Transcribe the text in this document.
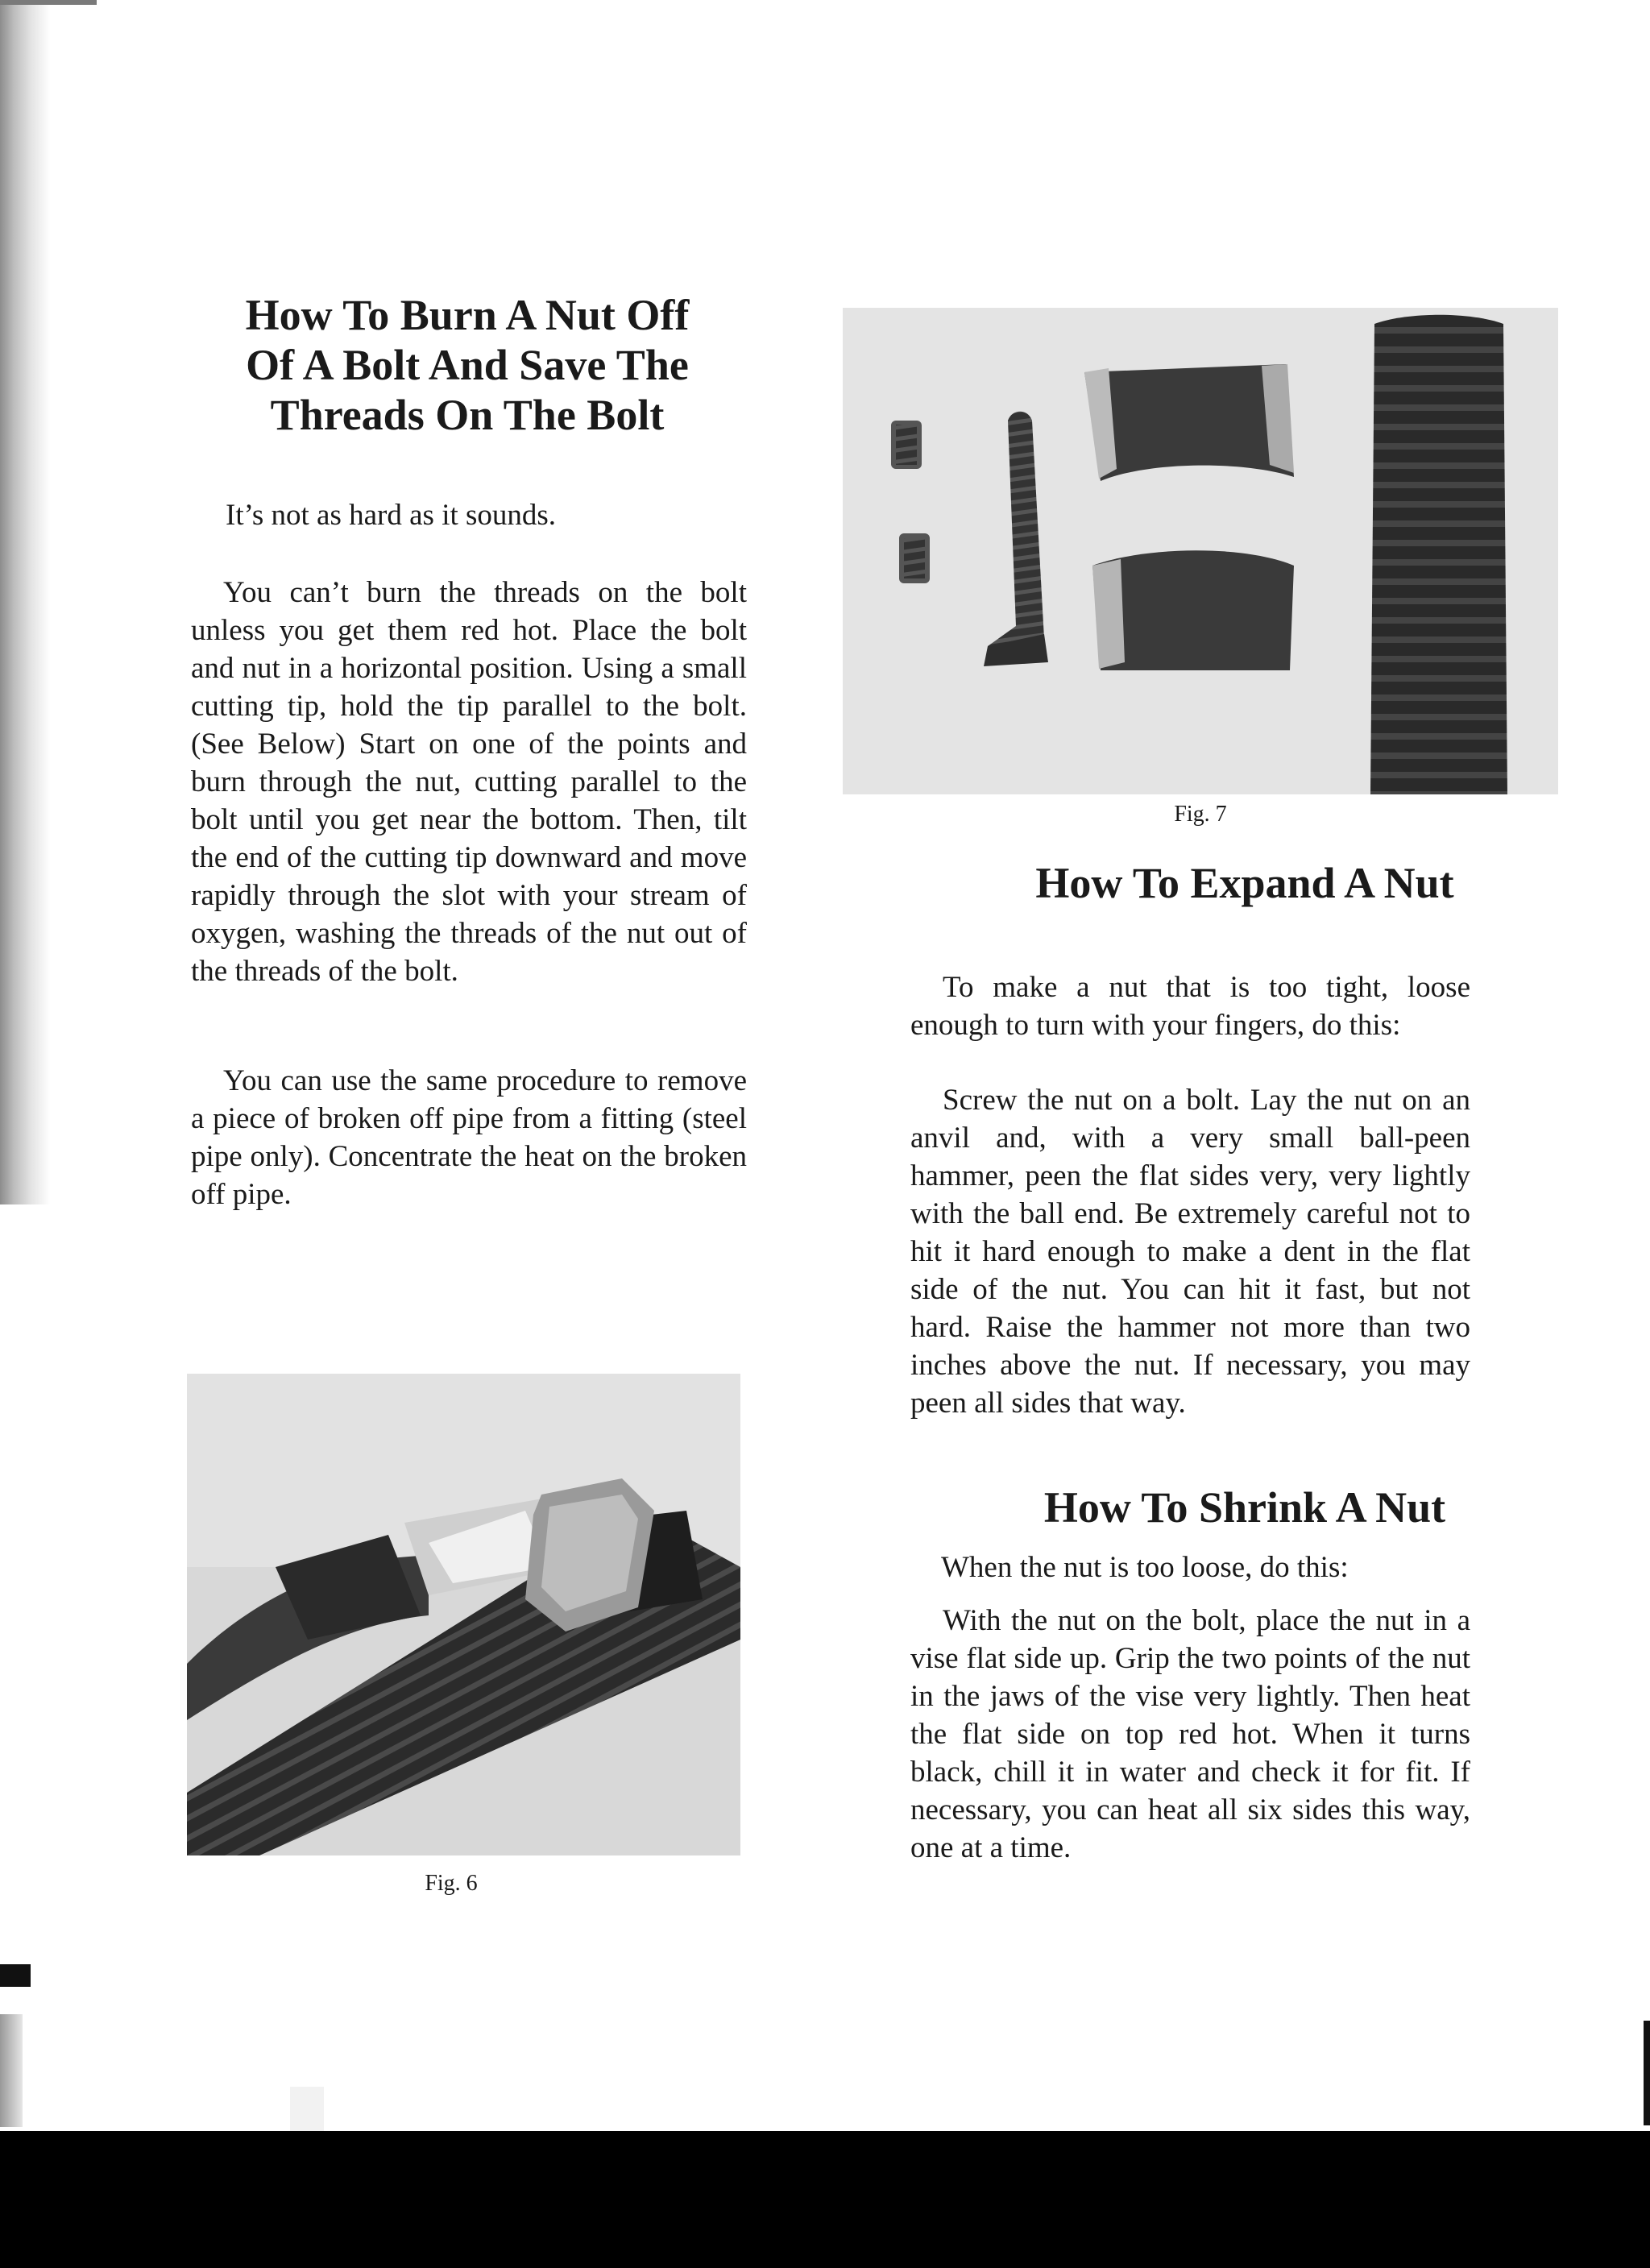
How To Burn A Nut Off
Of A Bolt And Save The
Threads On The Bolt

It’s not as hard as it sounds.

You can’t burn the threads on the bolt unless you get them red hot. Place the bolt and nut in a horizontal position. Using a small cutting tip, hold the tip parallel to the bolt. (See Below) Start on one of the points and burn through the nut, cutting parallel to the bolt until you get near the bottom. Then, tilt the end of the cutting tip downward and move rapidly through the slot with your stream of oxygen, washing the threads of the nut out of the threads of the bolt.

You can use the same procedure to remove a piece of broken off pipe from a fitting (steel pipe only). Concentrate the heat on the broken off pipe.

Fig. 6
Fig. 7
How To Expand A Nut

To make a nut that is too tight, loose enough to turn with your fingers, do this:

Screw the nut on a bolt. Lay the nut on an anvil and, with a very small ball-peen hammer, peen the flat sides very, very lightly with the ball end. Be extremely careful not to hit it hard enough to make a dent in the flat side of the nut. You can hit it fast, but not hard. Raise the hammer not more than two inches above the nut. If necessary, you may peen all sides that way.

How To Shrink A Nut

When the nut is too loose, do this:

With the nut on the bolt, place the nut in a vise flat side up. Grip the two points of the nut in the jaws of the vise very lightly. Then heat the flat side on top red hot. When it turns black, chill it in water and check it for fit. If necessary, you can heat all six sides this way, one at a time.
